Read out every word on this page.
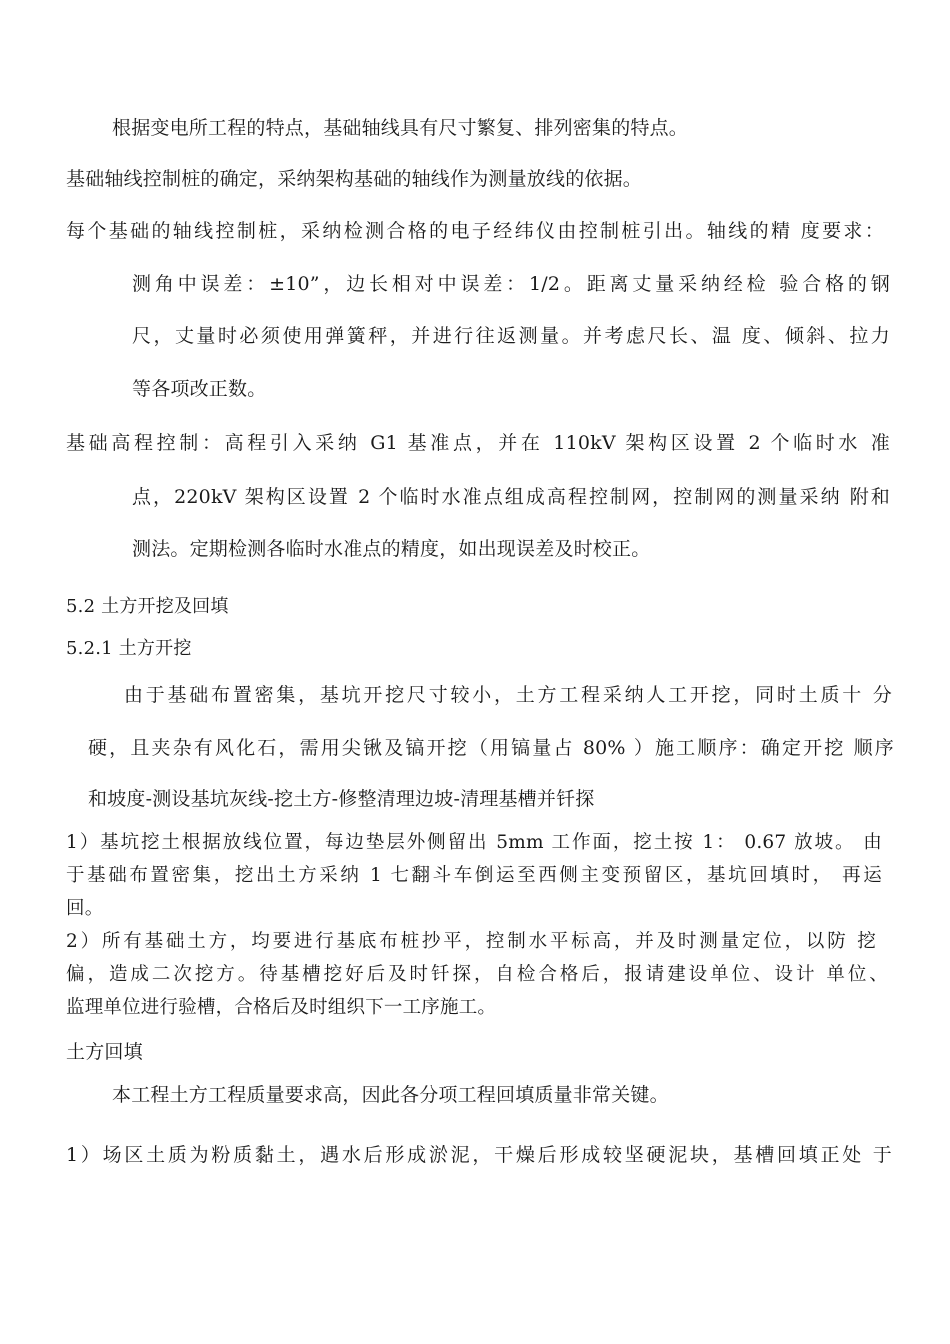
根据变电所工程的特点，基础轴线具有尺寸繁复、排列密集的特点。
基础轴线控制桩的确定，采纳架构基础的轴线作为测量放线的依据。
每个基础的轴线控制桩，采纳检测合格的电子经纬仪由控制桩引出。轴线的精 度要求：
测角中误差：±10”，边长相对中误差：1/2。距离丈量采纳经检 验合格的钢
尺，丈量时必须使用弹簧秤，并进行往返测量。并考虑尺长、温 度、倾斜、拉力
等各项改正数。
基础高程控制：高程引入采纳 G1 基准点，并在 110kV 架构区设置 2 个临时水 准
点，220kV 架构区设置 2 个临时水准点组成高程控制网，控制网的测量采纳 附和
测法。定期检测各临时水准点的精度，如出现误差及时校正。
5.2 土方开挖及回填
5.2.1 土方开挖
由于基础布置密集，基坑开挖尺寸较小，土方工程采纳人工开挖，同时土质十 分
硬，且夹杂有风化石，需用尖锹及镐开挖（用镐量占 80% ）施工顺序：确定开挖 顺序
和坡度-测设基坑灰线-挖土方-修整清理边坡-清理基槽并钎探
1）基坑挖土根据放线位置，每边垫层外侧留出 5mm 工作面，挖土按 1： 0.67 放坡。 由
于基础布置密集，挖出土方采纳 1 七翻斗车倒运至西侧主变预留区，基坑回填时， 再运
回。
2）所有基础土方，均要进行基底布桩抄平，控制水平标高，并及时测量定位，以防 挖
偏，造成二次挖方。待基槽挖好后及时钎探，自检合格后，报请建设单位、设计 单位、
监理单位进行验槽，合格后及时组织下一工序施工。
土方回填
本工程土方工程质量要求高，因此各分项工程回填质量非常关键。
1）场区土质为粉质黏土，遇水后形成淤泥，干燥后形成较坚硬泥块，基槽回填正处 于
